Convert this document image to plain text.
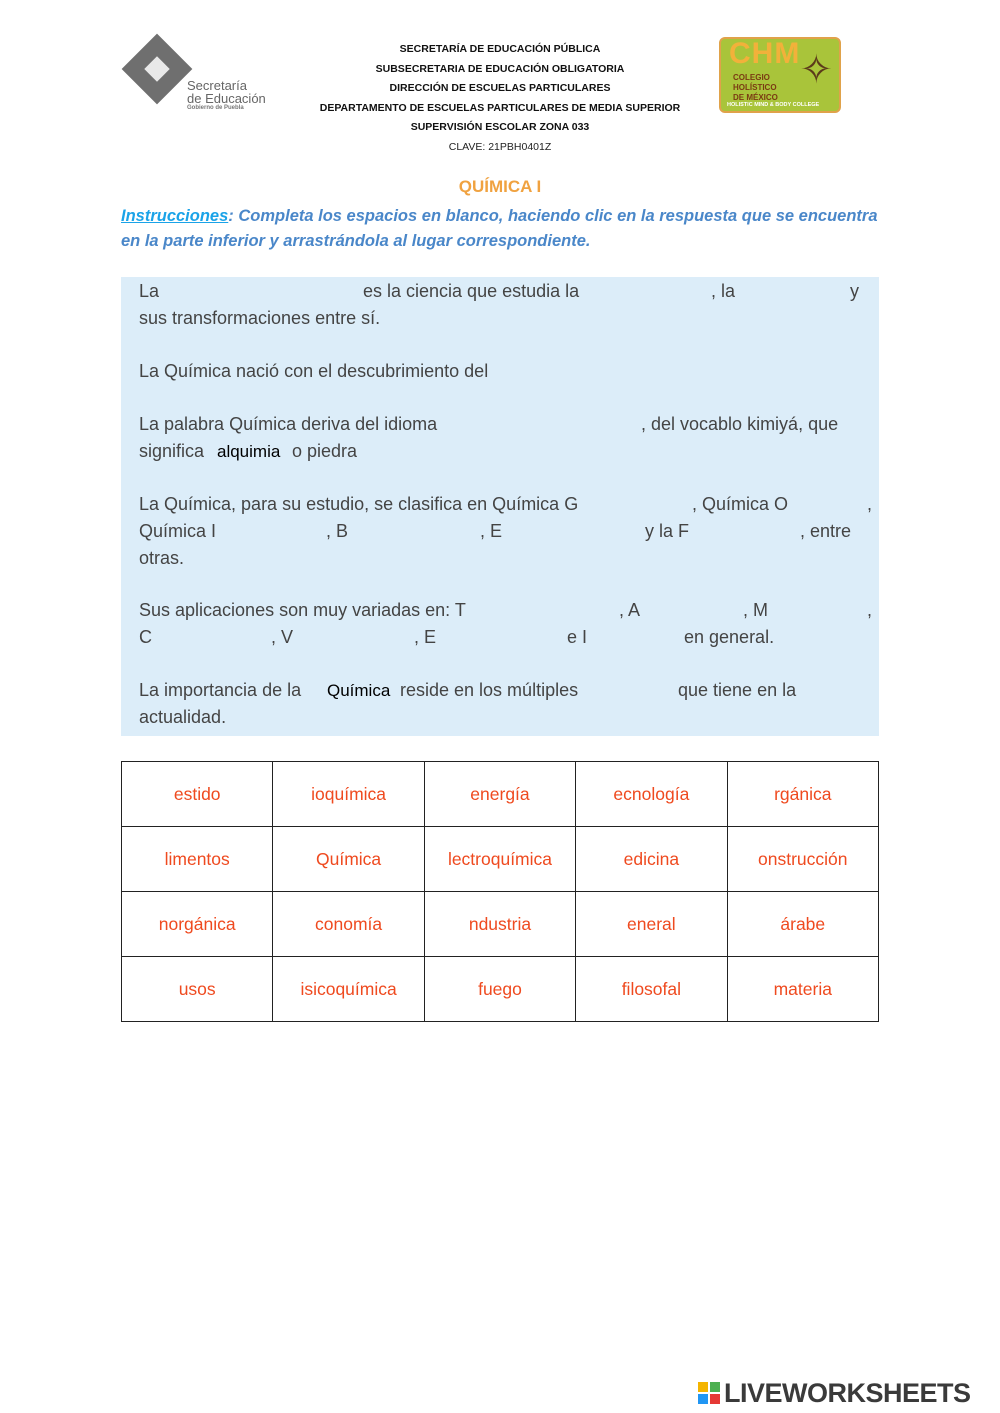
Secretaría
de Educación
Gobierno de Puebla
SECRETARÍA DE EDUCACIÓN PÚBLICA
SUBSECRETARIA DE EDUCACIÓN OBLIGATORIA
DIRECCIÓN DE ESCUELAS PARTICULARES
DEPARTAMENTO DE ESCUELAS PARTICULARES DE MEDIA SUPERIOR
SUPERVISIÓN ESCOLAR ZONA 033
CLAVE: 21PBH0401Z
CHM
COLEGIO
HOLÍSTICO
DE MÉXICO
✧
HOLISTIC MIND & BODY COLLEGE
QUÍMICA I
Instrucciones: Completa los espacios en blanco, haciendo clic en la respuesta que se encuentra en la parte inferior y arrastrándola al lugar correspondiente.
La	es la ciencia que estudia la	, la	y
sus transformaciones entre sí.
La Química nació con el descubrimiento del
La palabra Química deriva del idioma	, del vocablo kimiyá, que
significa alquimia o piedra
La Química, para su estudio, se clasifica en Química G	, Química O	,
Química I	, B	, E	y la F	, entre
otras.
Sus aplicaciones son muy variadas en: T	, A	, M	,
C	, V	, E	e I	en general.
La importancia de la Química reside en los múltiples	que tiene en la
actualidad.
estido	ioquímica	energía	ecnología	rgánica
limentos	Química	lectroquímica	edicina	onstrucción
norgánica	conomía	ndustria	eneral	árabe
usos	isicoquímica	fuego	filosofal	materia
LIVEWORKSHEETS
